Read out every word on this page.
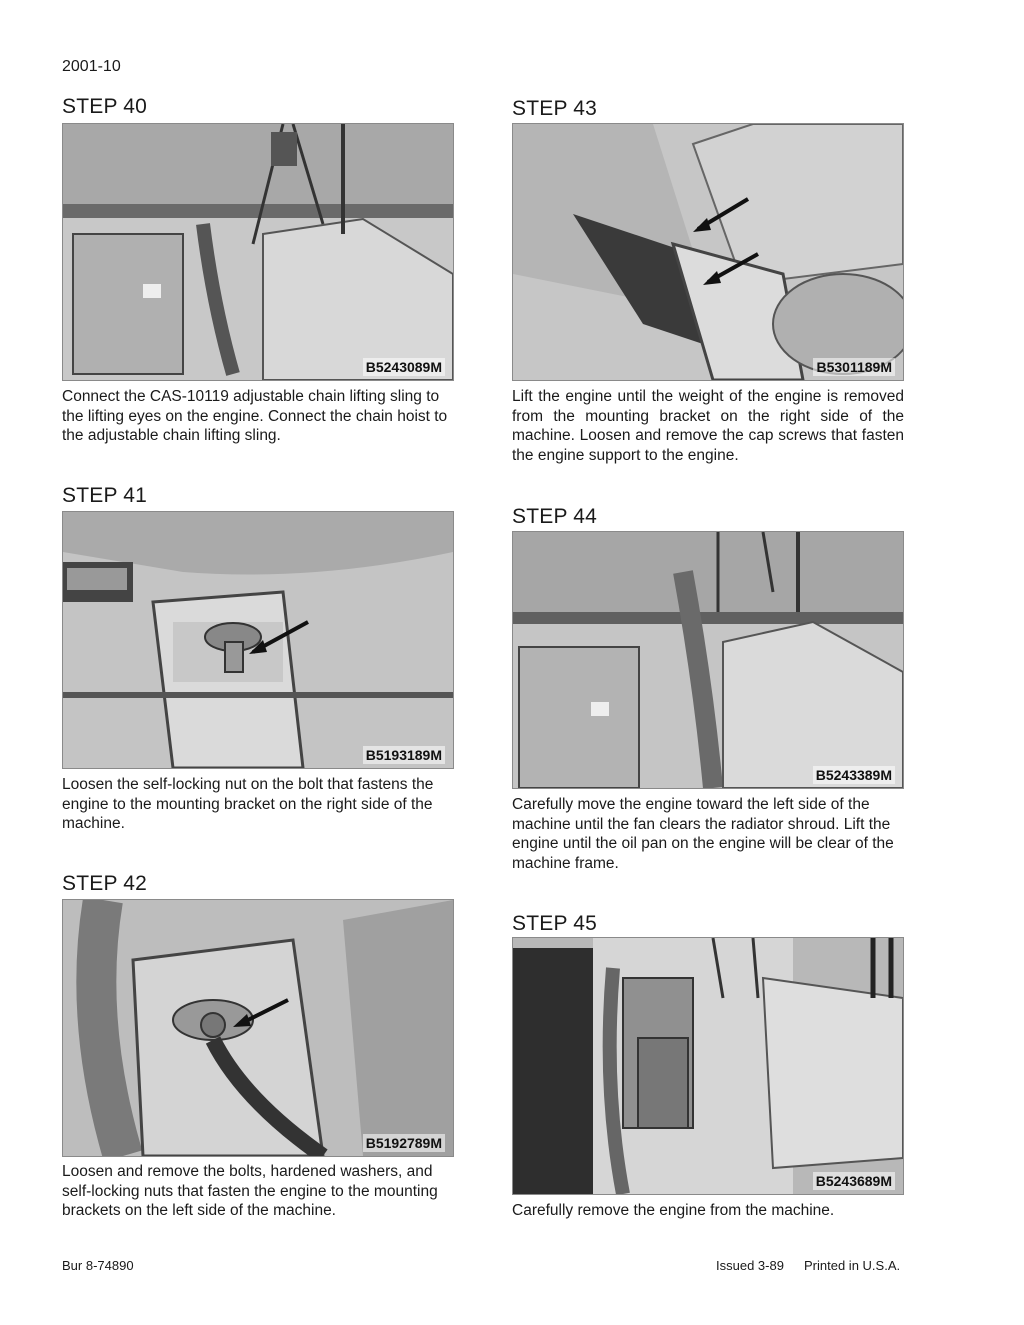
2001-10
STEP 40
B5243089M
Connect the CAS-10119 adjustable chain lifting sling to the lifting eyes on the engine. Connect the chain hoist to the adjustable chain lifting sling.
STEP 41
B5193189M
Loosen the self-locking nut on the bolt that fastens the engine to the mounting bracket on the right side of the machine.
STEP 42
B5192789M
Loosen and remove the bolts, hardened washers, and self-locking nuts that fasten the engine to the mounting brackets on the left side of the machine.
STEP 43
B5301189M
Lift the engine until the weight of the engine is removed from the mounting bracket on the right side of the machine. Loosen and remove the cap screws that fasten the engine support to the engine.
STEP 44
B5243389M
Carefully move the engine toward the left side of the machine until the fan clears the radiator shroud. Lift the engine until the oil pan on the engine will be clear of the machine frame.
STEP 45
B5243689M
Carefully remove the engine from the machine.
Bur 8-74890	Issued 3-89 Printed in U.S.A.
